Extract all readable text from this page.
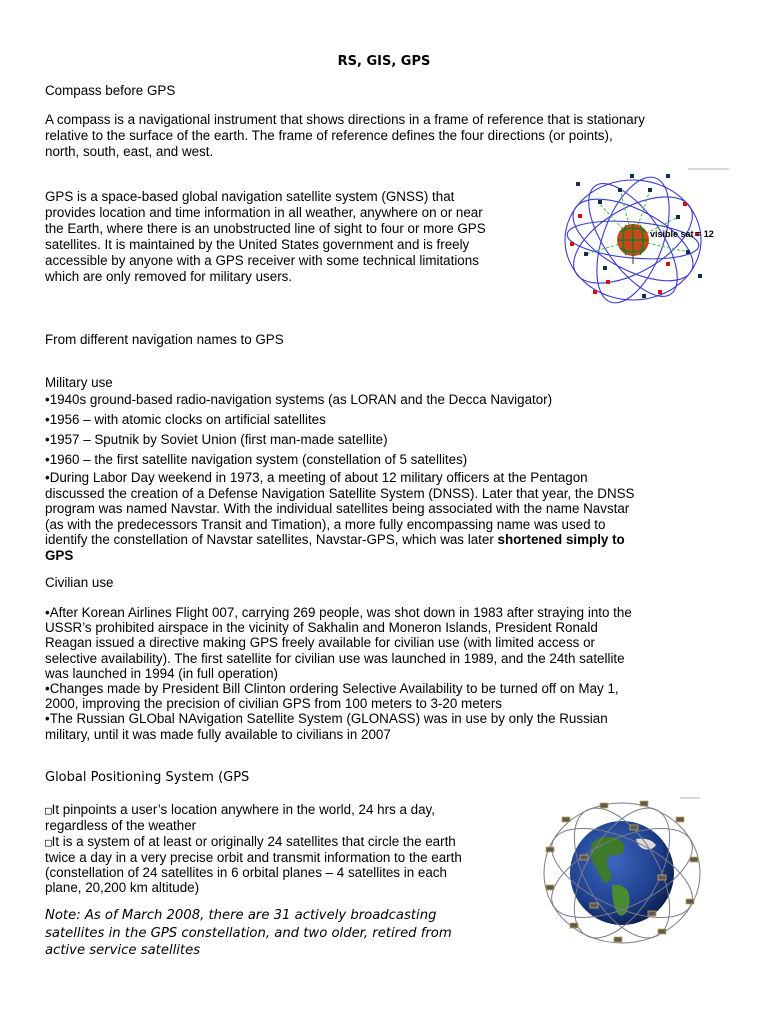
RS, GIS, GPS

Compass before GPS

A compass is a navigational instrument that shows directions in a frame of reference that is stationary
relative to the surface of the earth. The frame of reference defines the four directions (or points),
north, south, east, and west.
GPS is a space-based global navigation satellite system (GNSS) that
provides location and time information in all weather, anywhere on or near
the Earth, where there is an unobstructed line of sight to four or more GPS
satellites. It is maintained by the United States government and is freely
accessible by anyone with a GPS receiver with some technical limitations
which are only removed for military users.
visible sat = 12

From different navigation names to GPS

Military use

•1940s ground-based radio-navigation systems (as LORAN and the Decca Navigator)
•1956 – with atomic clocks on artificial satellites
•1957 – Sputnik by Soviet Union (first man-made satellite)
•1960 – the first satellite navigation system (constellation of 5 satellites)
•During Labor Day weekend in 1973, a meeting of about 12 military officers at the Pentagon
discussed the creation of a Defense Navigation Satellite System (DNSS). Later that year, the DNSS
program was named Navstar. With the individual satellites being associated with the name Navstar
(as with the predecessors Transit and Timation), a more fully encompassing name was used to
identify the constellation of Navstar satellites, Navstar-GPS, which was later shortened simply to
GPS

Civilian use

•After Korean Airlines Flight 007, carrying 269 people, was shot down in 1983 after straying into the
USSR’s prohibited airspace in the vicinity of Sakhalin and Moneron Islands, President Ronald
Reagan issued a directive making GPS freely available for civilian use (with limited access or
selective availability). The first satellite for civilian use was launched in 1989, and the 24th satellite
was launched in 1994 (in full operation)
•Changes made by President Bill Clinton ordering Selective Availability to be turned off on May 1,
2000, improving the precision of civilian GPS from 100 meters to 3-20 meters
•The Russian GLObal NAvigation Satellite System (GLONASS) was in use by only the Russian
military, until it was made fully available to civilians in 2007

Global Positioning System (GPS

□It pinpoints a user’s location anywhere in the world, 24 hrs a day,
regardless of the weather
□It is a system of at least or originally 24 satellites that circle the earth
twice a day in a very precise orbit and transmit information to the earth
(constellation of 24 satellites in 6 orbital planes – 4 satellites in each
plane, 20,200 km altitude)
Note: As of March 2008, there are 31 actively broadcasting
satellites in the GPS constellation, and two older, retired from
active service satellites
